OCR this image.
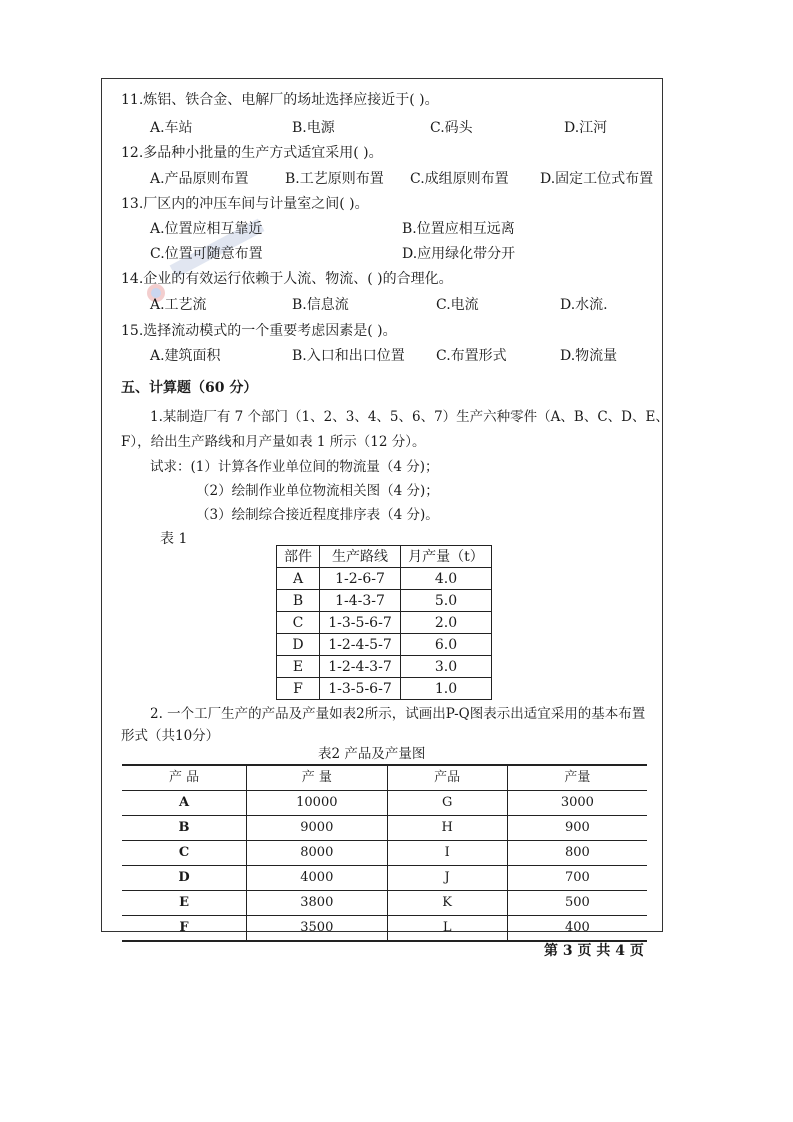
11.炼铝、铁合金、电解厂的场址选择应接近于( )。
A.车站	B.电源	C.码头	D.江河
12.多品种小批量的生产方式适宜采用( )。
A.产品原则布置	B.工艺原则布置 C.成组原则布置 D.固定工位式布置
13.厂区内的冲压车间与计量室之间( )。
A.位置应相互靠近	B.位置应相互远离
C.位置可随意布置	D.应用绿化带分开
14.企业的有效运行依赖于人流、物流、( )的合理化。
A.工艺流	B.信息流	C.电流	D.水流.
15.选择流动模式的一个重要考虑因素是( )。
A.建筑面积	B.入口和出口位置 C.布置形式	D.物流量
五、计算题（60 分）
1.某制造厂有 7 个部门（1、2、3、4、5、6、7）生产六种零件（A、B、C、D、E、
F），给出生产路线和月产量如表 1 所示（12 分）。
试求：(1）计算各作业单位间的物流量（4 分)；
（2）绘制作业单位物流相关图（4 分)；
（3）绘制综合接近程度排序表（4 分)。
表 1
部件	生产路线	月产量（t）
A	1-2-6-7	4.0
B	1-4-3-7	5.0
C	1-3-5-6-7	2.0
D	1-2-4-5-7	6.0
E	1-2-4-3-7	3.0
F	1-3-5-6-7	1.0
2. 一个工厂生产的产品及产量如表2所示，试画出P-Q图表示出适宜采用的基本布置
形式（共10分）
表2 产品及产量图
产 品	产 量	产品	产量
A	10000	G	3000
B	9000	H	900
C	8000	I	800
D	4000	J	700
E	3800	K	500
F	3500	L	400
第 3 页 共 4 页
